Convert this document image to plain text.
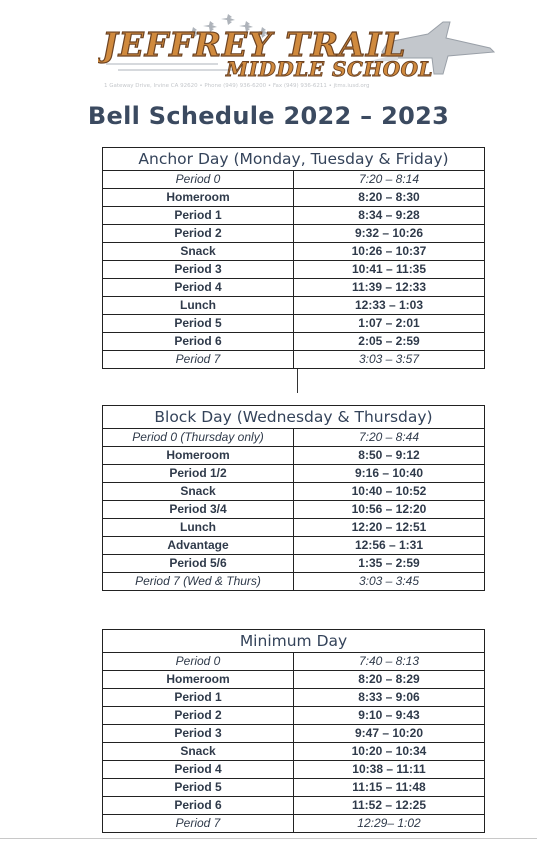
JEFFREY TRAIL
MIDDLE SCHOOL
1 Gateway Drive, Irvine CA 92620 • Phone (949) 936-6200 • Fax (949) 936-6211 • jtms.iusd.org
Bell Schedule 2022 – 2023
Anchor Day (Monday, Tuesday & Friday)	
Period 0	7:20 – 8:14
Homeroom	8:20 – 8:30
Period 1	8:34 – 9:28
Period 2	9:32 – 10:26
Snack	10:26 – 10:37
Period 3	10:41 – 11:35
Period 4	11:39 – 12:33
Lunch	12:33 – 1:03
Period 5	1:07 – 2:01
Period 6	2:05 – 2:59
Period 7	3:03 – 3:57
Block Day (Wednesday & Thursday)	
Period 0 (Thursday only)	7:20 – 8:44
Homeroom	8:50 – 9:12
Period 1/2	9:16 – 10:40
Snack	10:40 – 10:52
Period 3/4	10:56 – 12:20
Lunch	12:20 – 12:51
Advantage	12:56 – 1:31
Period 5/6	1:35 – 2:59
Period 7 (Wed & Thurs)	3:03 – 3:45
Minimum Day	
Period 0	7:40 – 8:13
Homeroom	8:20 – 8:29
Period 1	8:33 – 9:06
Period 2	9:10 – 9:43
Period 3	9:47 – 10:20
Snack	10:20 – 10:34
Period 4	10:38 – 11:11
Period 5	11:15 – 11:48
Period 6	11:52 – 12:25
Period 7	12:29– 1:02
